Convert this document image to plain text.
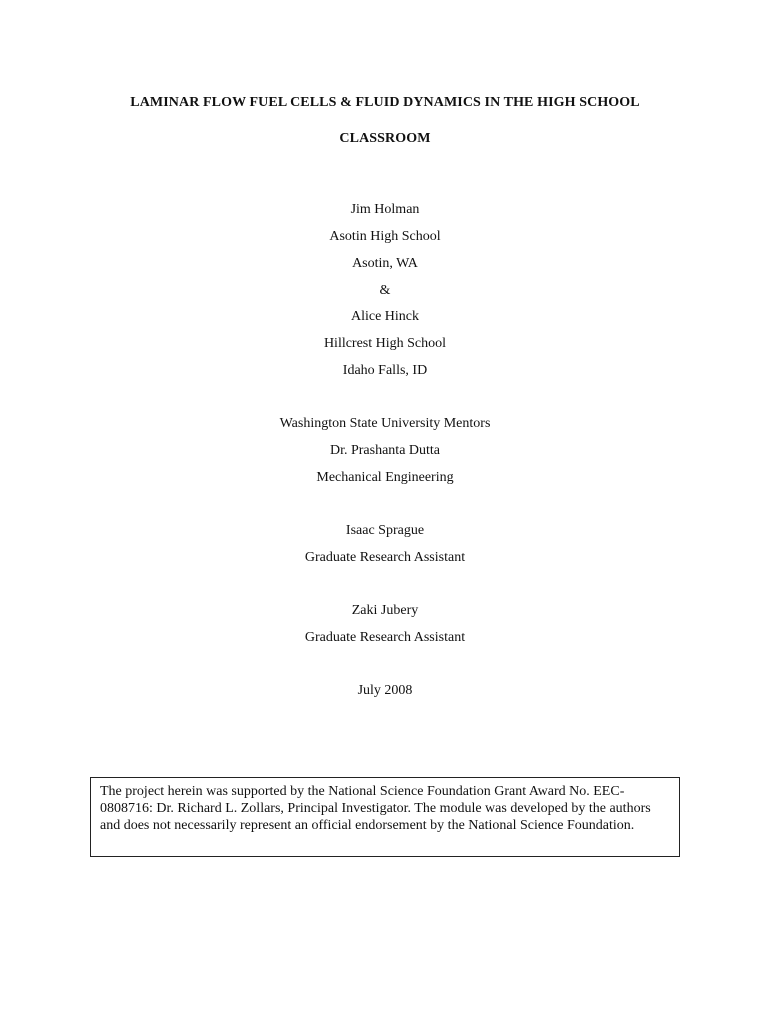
LAMINAR FLOW FUEL CELLS & FLUID DYNAMICS IN THE HIGH SCHOOL
CLASSROOM
Jim Holman
Asotin High School
Asotin, WA
&
Alice Hinck
Hillcrest High School
Idaho Falls, ID
Washington State University Mentors
Dr. Prashanta Dutta
Mechanical Engineering
Isaac Sprague
Graduate Research Assistant
Zaki Jubery
Graduate Research Assistant
July 2008
The project herein was supported by the National Science Foundation Grant Award No. EEC-0808716: Dr. Richard L. Zollars, Principal Investigator. The module was developed by the authors and does not necessarily represent an official endorsement by the National Science Foundation.
